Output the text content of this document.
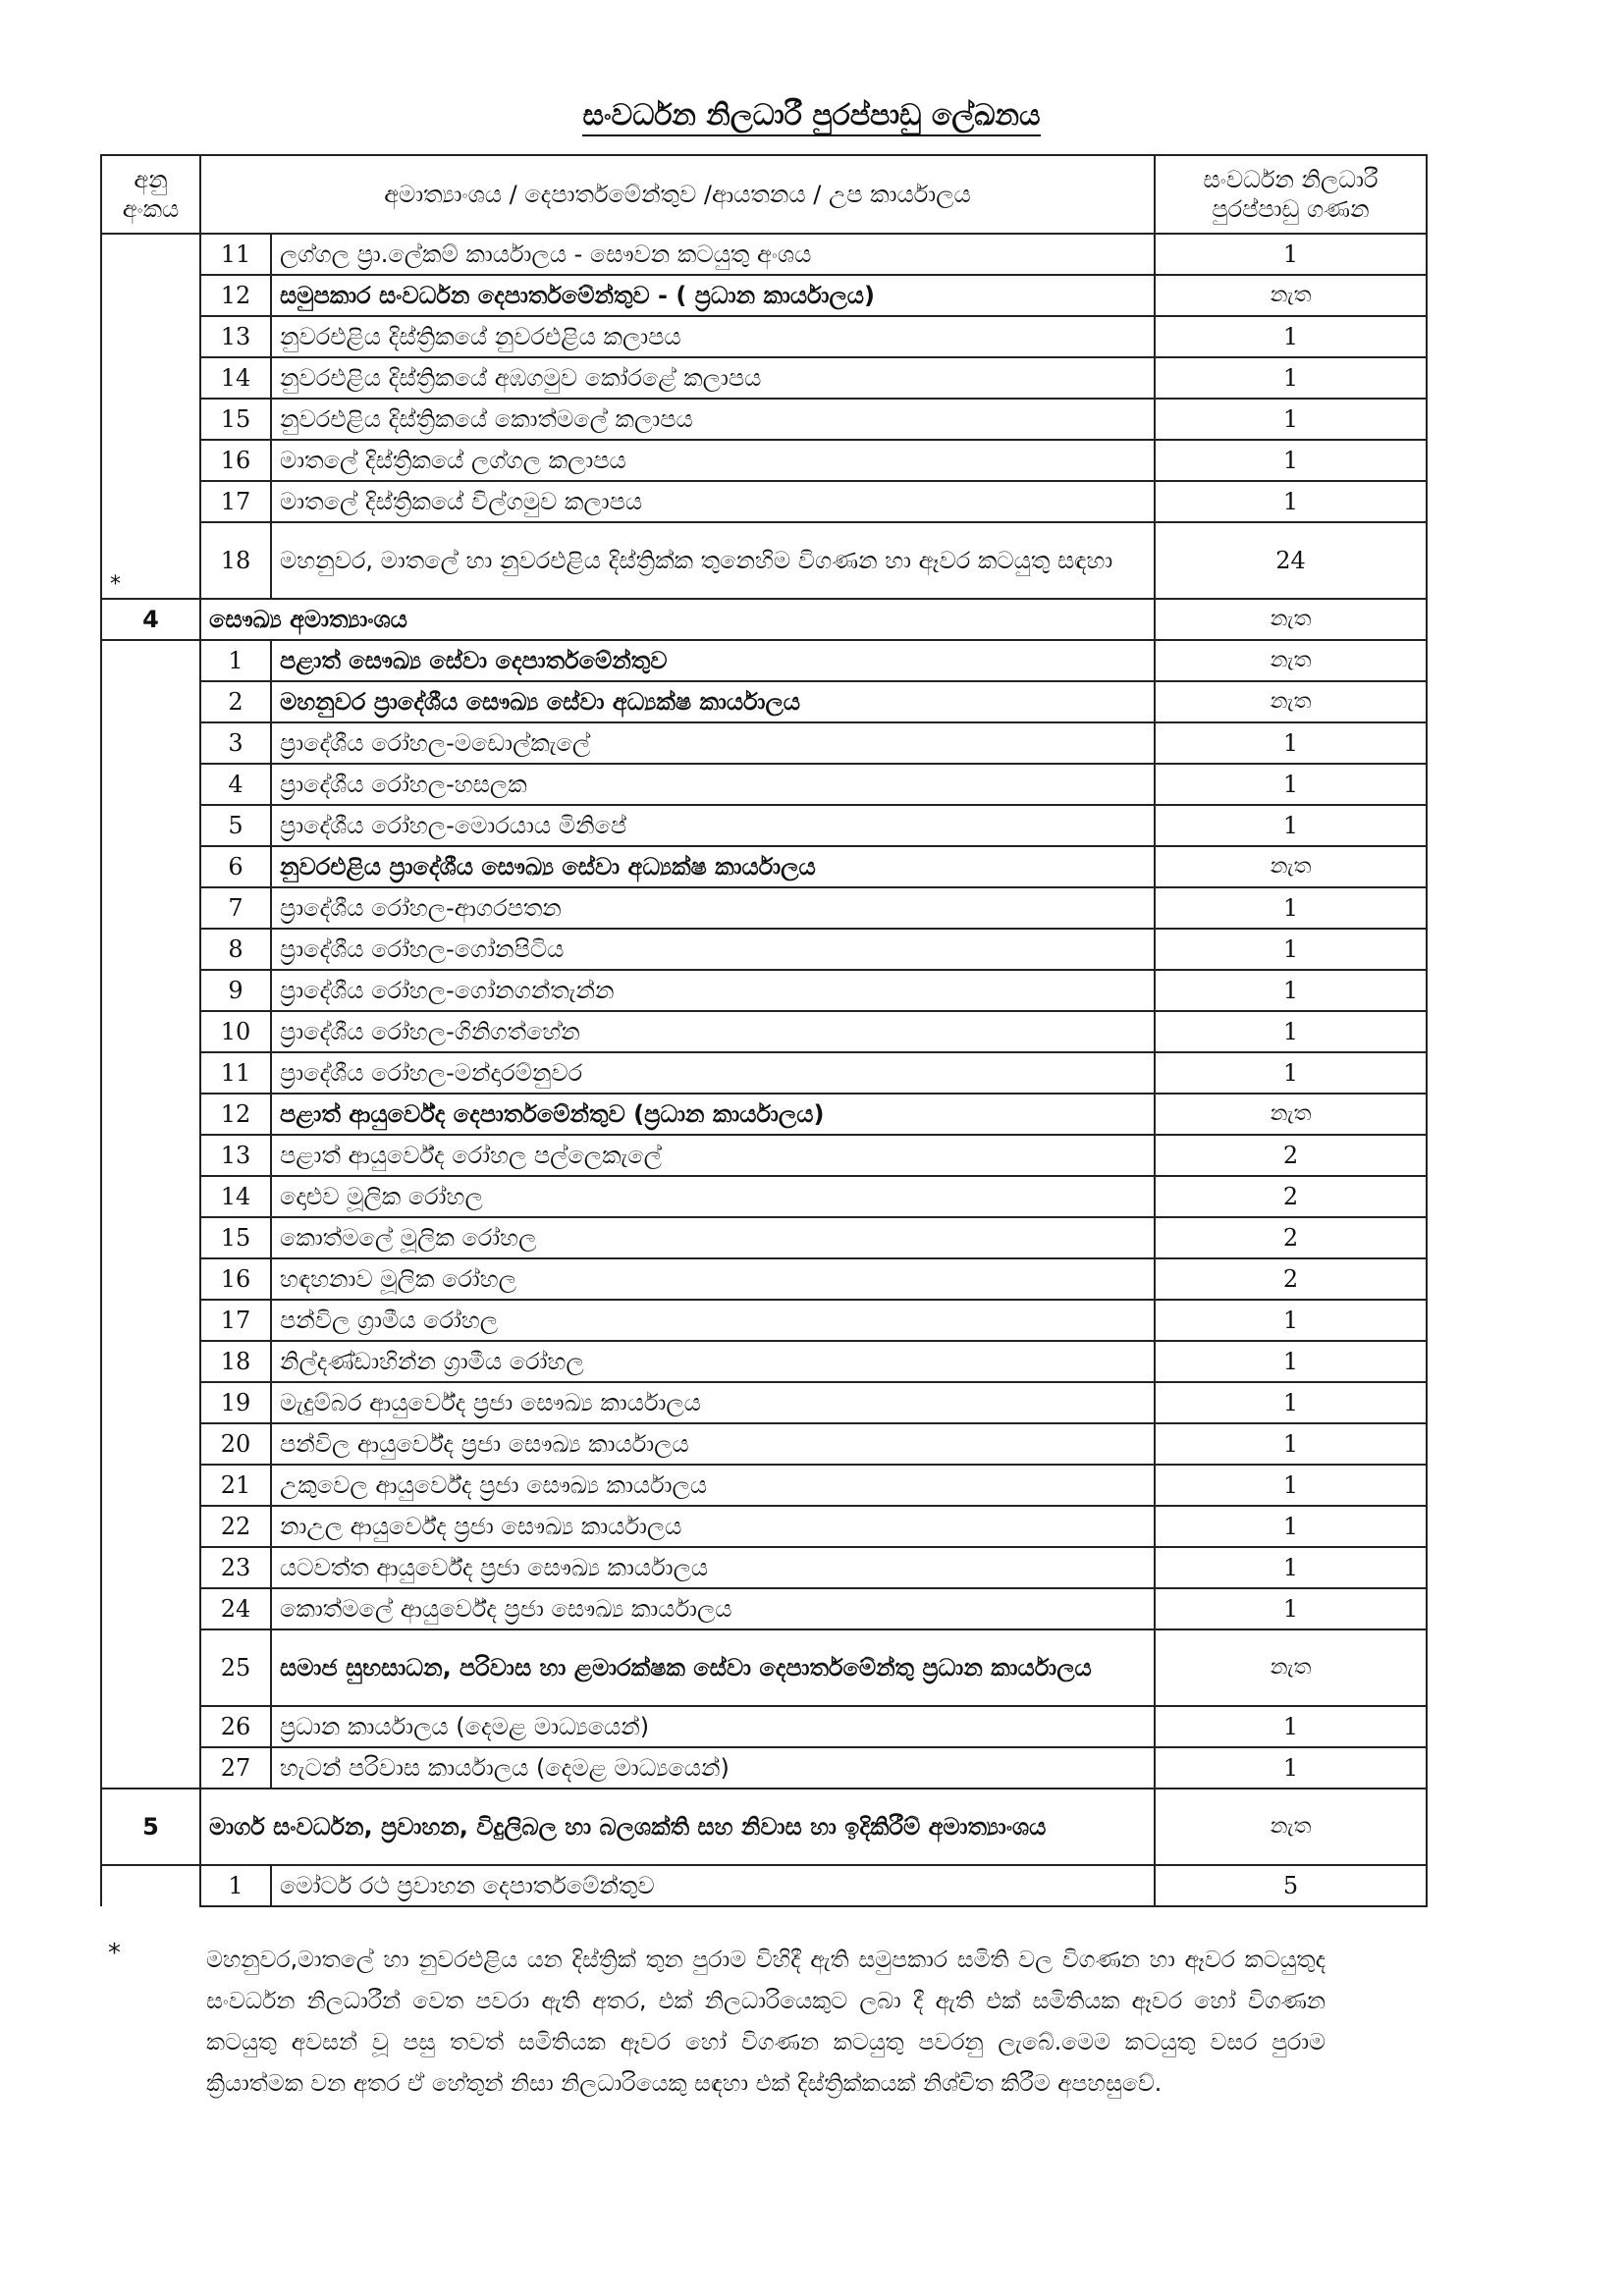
සංවර්ධන නිලධාරී පුරප්පාඩු ලේඛනය
අනු අංකය	අමාත්‍යාංශය / දෙපාර්තමේන්තුව /ආයතනය / උප කාර්යාලය		සංවර්ධන නිලධාරී පුරප්පාඩු ගණන
	11	ලග්ගල ප්‍රා.ලේකම් කාර්යාලය - සෞවන කටයුතු අංශය	1
	12	සමුපකාර සංවර්ධන දෙපාර්තමේන්තුව - ( ප්‍රධාන කාර්යාලය)	නැත
	13	නුවරඑළිය දිස්ත්‍රිකයේ නුවරඑළිය කලාපය	1
	14	නුවරඑළිය දිස්ත්‍රිකයේ අඹගමුව කෝරළේ කලාපය	1
	15	නුවරඑළිය දිස්ත්‍රිකයේ කොත්මලේ කලාපය	1
	16	මාතලේ දිස්ත්‍රිකයේ ලග්ගල කලාපය	1
	17	මාතලේ දිස්ත්‍රිකයේ විල්ගමුව කලාපය	1
*	18	මහනුවර, මාතලේ හා නුවරඑළිය දිස්ත්‍රික්ක තුනෙහිම විගණන හා ඈවර කටයුතු සඳහා	24
4	සෞඛ්‍ය අමාත්‍යාංශය		නැත
	1	පළාත් සෞඛ්‍ය සේවා දෙපාර්තමේන්තුව	නැත
	2	මහනුවර ප්‍රාදේශීය සෞඛ්‍ය සේවා අධ්‍යක්ෂ කාර්යාලය	නැත
	3	ප්‍රාදේශීය රෝහල-මඩොල්කැලේ	1
	4	ප්‍රාදේශීය රෝහල-හසලක	1
	5	ප්‍රාදේශීය රෝහල-මොරයාය මිනිපේ	1
	6	නුවරඑළිය ප්‍රාදේශීය සෞඛ්‍ය සේවා අධ්‍යක්ෂ කාර්යාලය	නැත
	7	ප්‍රාදේශීය රෝහල-ආගරපතන	1
	8	ප්‍රාදේශීය රෝහල-ගෝනපිටිය	1
	9	ප්‍රාදේශීය රෝහල-ගෝනගන්තැන්න	1
	10	ප්‍රාදේශීය රෝහල-ගිනිගත්හේන	1
	11	ප්‍රාදේශීය රෝහල-මන්දාරම්නුවර	1
	12	පළාත් ආයුර්වේද දෙපාර්තමේන්තුව (ප්‍රධාන කාර්යාලය)	නැත
	13	පළාත් ආයුර්වේද රෝහල පල්ලෙකැලේ	2
	14	දොළුව මූලික රෝහල	2
	15	කොත්මලේ මූලික රෝහල	2
	16	හඳහනාව මූලික රෝහල	2
	17	පන්විල ග්‍රාමීය රෝහල	1
	18	නිල්දණ්ඩාහින්න ග්‍රාමීය රෝහල	1
	19	මැදුම්බර ආයුර්වේද ප්‍රජා සෞඛ්‍ය කාර්යාලය	1
	20	පන්විල ආයුර්වේද ප්‍රජා සෞඛ්‍ය කාර්යාලය	1
	21	උකුවෙල ආයුර්වේද ප්‍රජා සෞඛ්‍ය කාර්යාලය	1
	22	නාඋල ආයුර්වේද ප්‍රජා සෞඛ්‍ය කාර්යාලය	1
	23	යටවත්ත ආයුර්වේද ප්‍රජා සෞඛ්‍ය කාර්යාලය	1
	24	කොත්මලේ ආයුර්වේද ප්‍රජා සෞඛ්‍ය කාර්යාලය	1
	25	සමාජ සුභසාධන, පරිවාස හා ළමාරක්ෂක සේවා දෙපාර්තමේන්තු ප්‍රධාන කාර්යාලය	නැත
	26	ප්‍රධාන කාර්යාලය (දෙමළ මාධ්‍යයෙන්)	1
	27	හැටන් පරිවාස කාර්යාලය (දෙමළ මාධ්‍යයෙන්)	1
5	මාර්ග සංවර්ධන, ප්‍රවාහන, විදුලිබල හා බලශක්ති සහ නිවාස හා ඉදිකිරීම් අමාත්‍යාංශය		නැත
	1	මෝටර් රථ ප්‍රවාහන දෙපාර්තමේන්තුව	5
*	මහනුවර,මාතලේ හා නුවරඑළිය යන දිස්ත්‍රික් තුන පුරාම විහිදී ඇති සමුපකාර සමිති වල විගණන හා ඈවර කටයුතුද සංවර්ධන නිලධාරීන් වෙත පවරා ඇති අතර, එක් නිලධාරියෙකුට ලබා දී ඇති එක් සමිතියක ඈවර හෝ විගණන කටයුතු අවසන් වූ පසු තවත් සමිතියක ඈවර හෝ විගණන කටයුතු පවරනු ලැබේ.මෙම කටයුතු වසර පුරාම ක්‍රියාත්මක වන අතර ඒ හේතුන් නිසා නිලධාරියෙකු සඳහා එක් දිස්ත්‍රික්කයක් නිශ්චිත කිරීම අපහසුවේ.
